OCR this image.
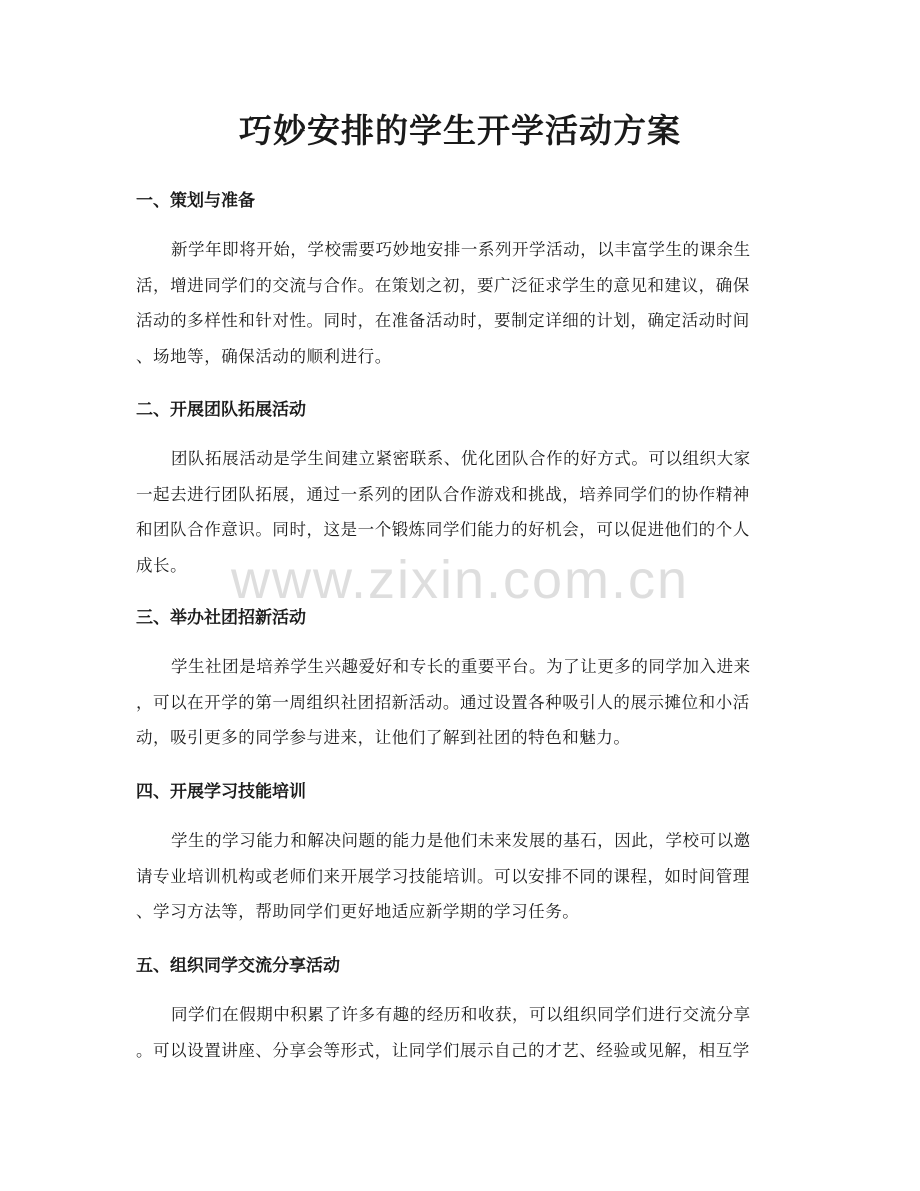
巧妙安排的学生开学活动方案
一、策划与准备
新学年即将开始，学校需要巧妙地安排一系列开学活动，以丰富学生的课余生
活，增进同学们的交流与合作。在策划之初，要广泛征求学生的意见和建议，确保
活动的多样性和针对性。同时，在准备活动时，要制定详细的计划，确定活动时间
、场地等，确保活动的顺利进行。
二、开展团队拓展活动
团队拓展活动是学生间建立紧密联系、优化团队合作的好方式。可以组织大家
一起去进行团队拓展，通过一系列的团队合作游戏和挑战，培养同学们的协作精神
和团队合作意识。同时，这是一个锻炼同学们能力的好机会，可以促进他们的个人
成长。
三、举办社团招新活动
学生社团是培养学生兴趣爱好和专长的重要平台。为了让更多的同学加入进来
，可以在开学的第一周组织社团招新活动。通过设置各种吸引人的展示摊位和小活
动，吸引更多的同学参与进来，让他们了解到社团的特色和魅力。
四、开展学习技能培训
学生的学习能力和解决问题的能力是他们未来发展的基石，因此，学校可以邀
请专业培训机构或老师们来开展学习技能培训。可以安排不同的课程，如时间管理
、学习方法等，帮助同学们更好地适应新学期的学习任务。
五、组织同学交流分享活动
同学们在假期中积累了许多有趣的经历和收获，可以组织同学们进行交流分享
。可以设置讲座、分享会等形式，让同学们展示自己的才艺、经验或见解，相互学
www.zixin.com.cn
